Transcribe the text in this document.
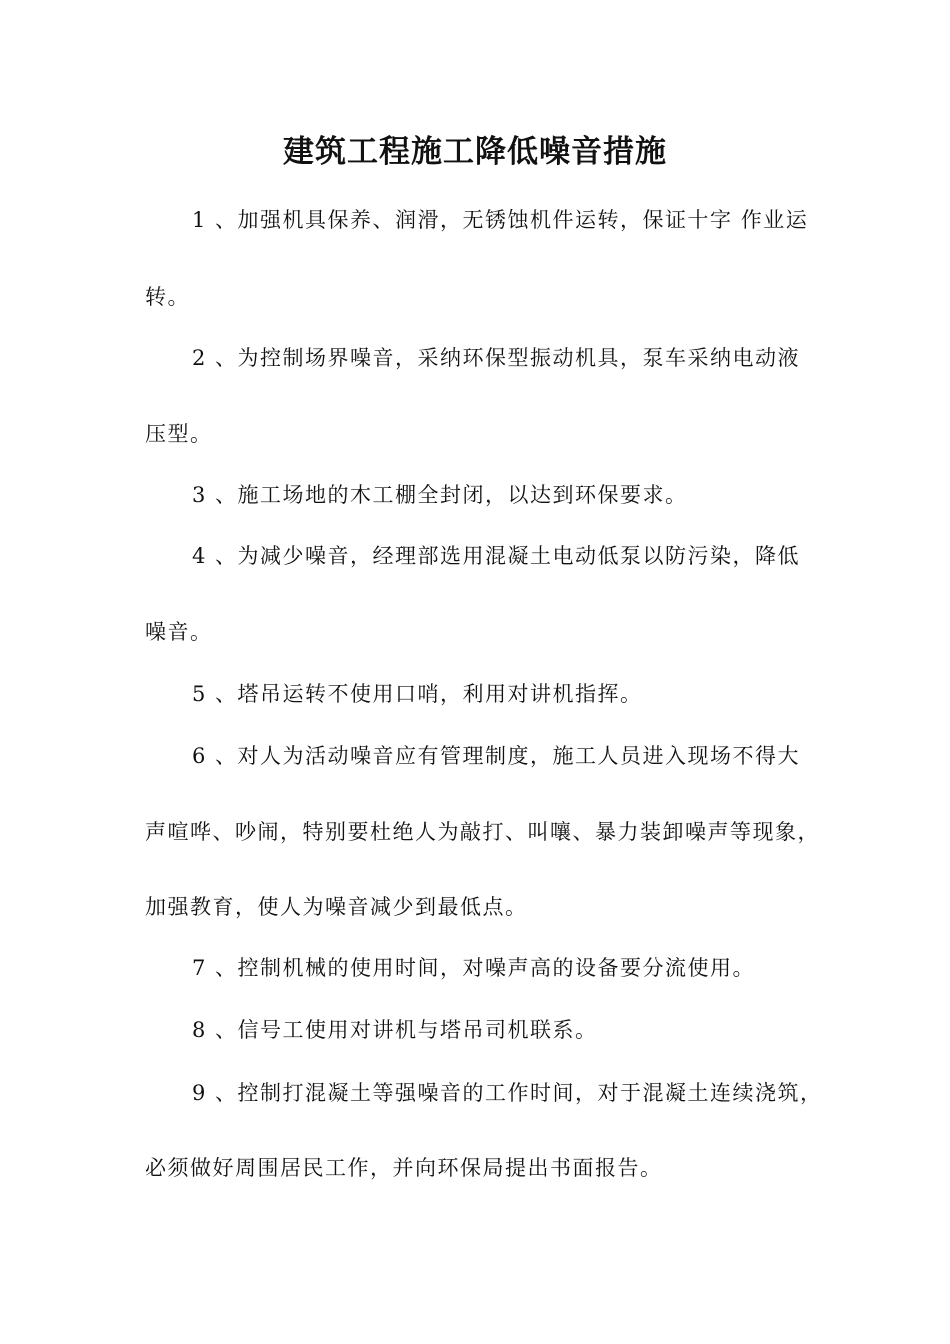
建筑工程施工降低噪音措施
1 、加强机具保养、润滑，无锈蚀机件运转，保证十字 作业运
转。
2 、为控制场界噪音，采纳环保型振动机具，泵车采纳电动液
压型。
3 、施工场地的木工棚全封闭，以达到环保要求。
4 、为减少噪音，经理部选用混凝土电动低泵以防污染，降低
噪音。
5 、塔吊运转不使用口哨，利用对讲机指挥。
6 、对人为活动噪音应有管理制度，施工人员进入现场不得大
声喧哗、吵闹，特别要杜绝人为敲打、叫嚷、暴力装卸噪声等现象，
加强教育，使人为噪音减少到最低点。
7 、控制机械的使用时间，对噪声高的设备要分流使用。
8 、信号工使用对讲机与塔吊司机联系。
9 、控制打混凝土等强噪音的工作时间，对于混凝土连续浇筑，
必须做好周围居民工作，并向环保局提出书面报告。
